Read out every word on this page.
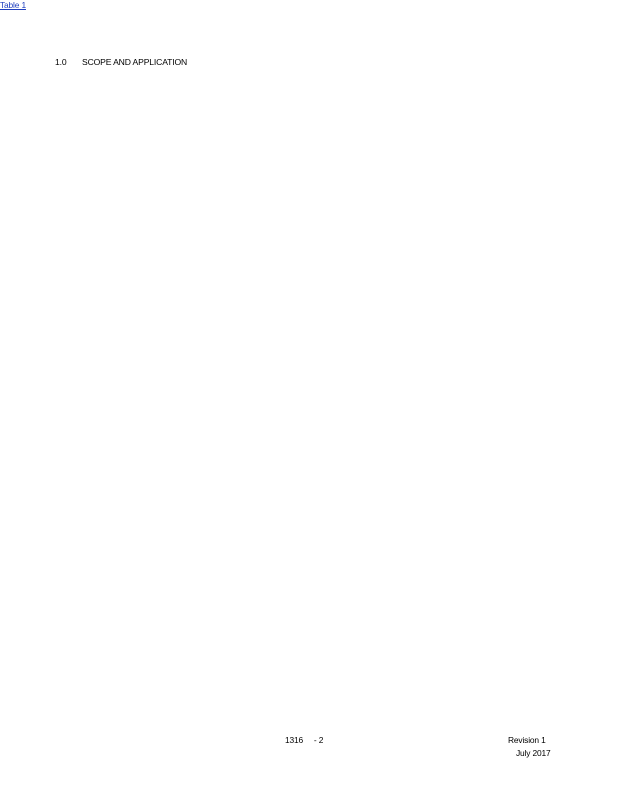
1.0 SCOPE AND APPLICATION
Table 1
1316     - 2	Revision 1
July 2017
